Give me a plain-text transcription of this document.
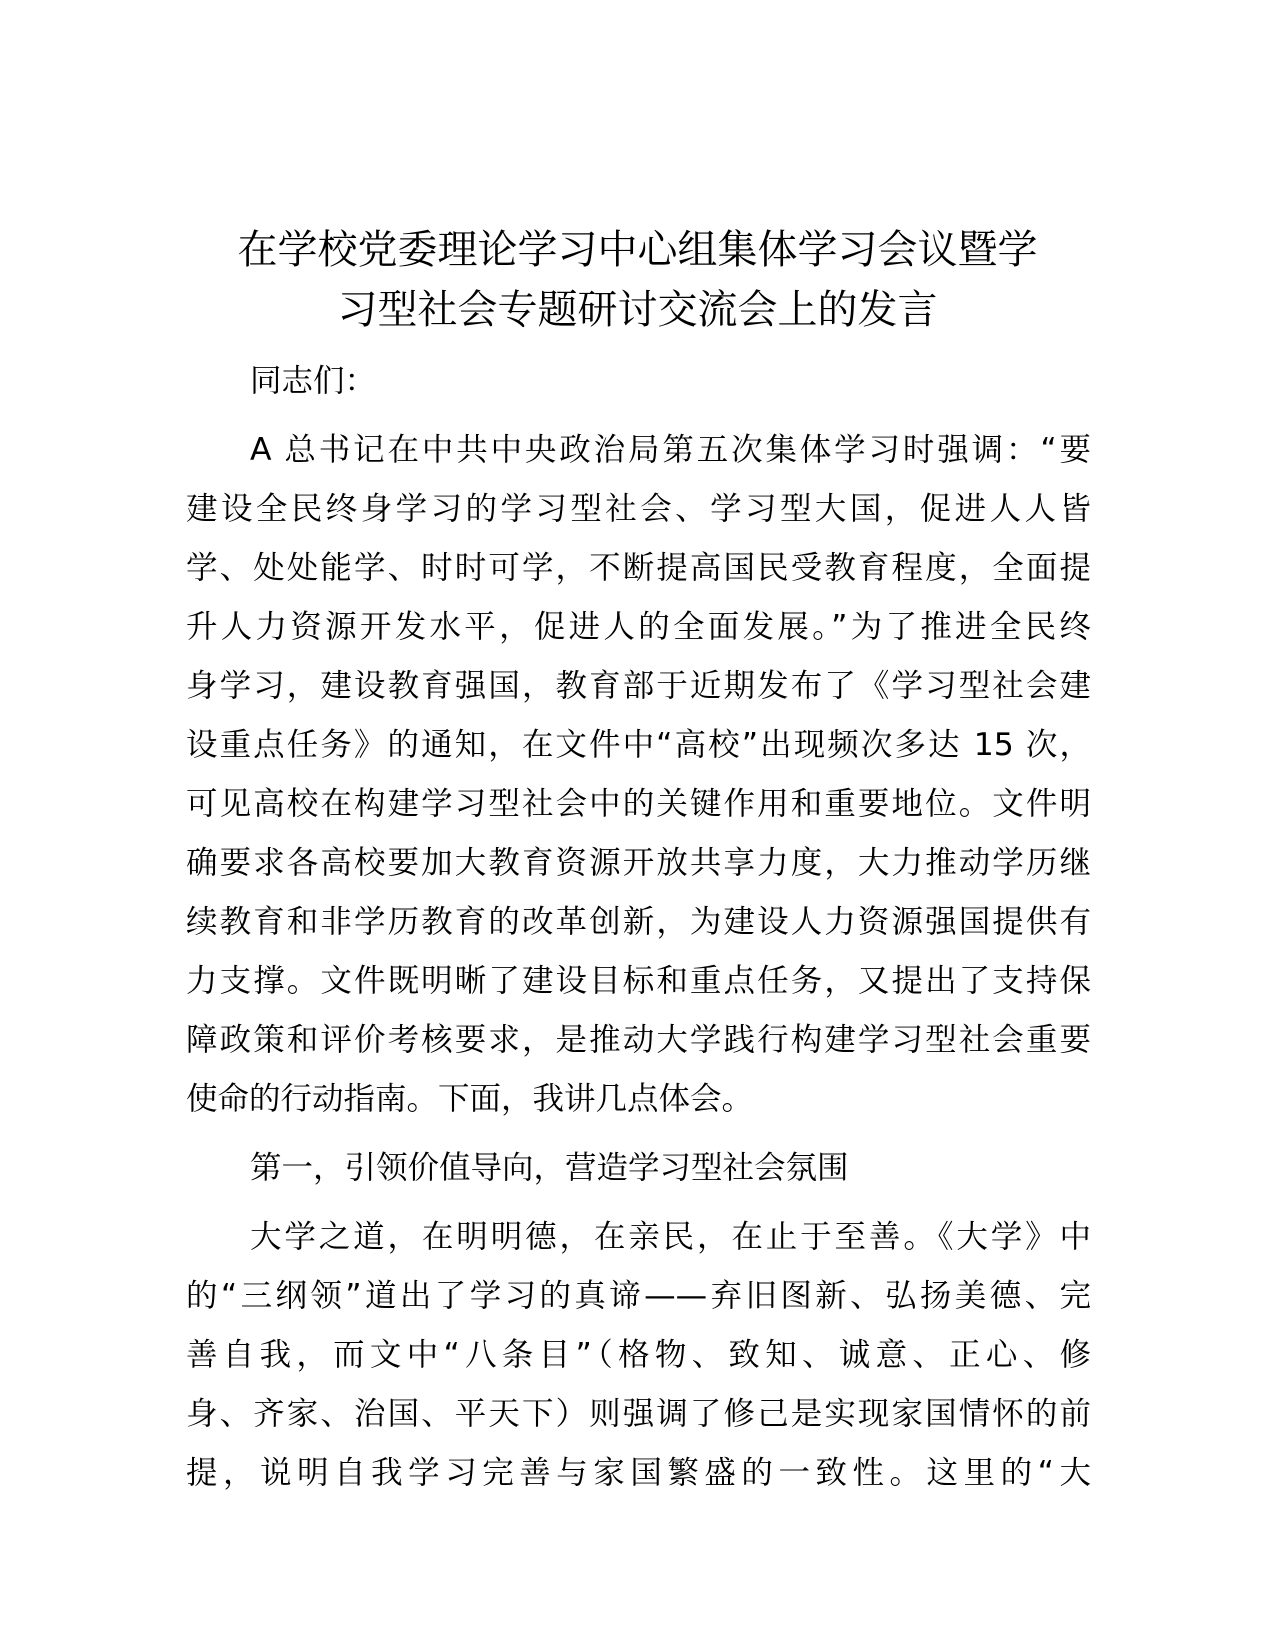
在学校党委理论学习中心组集体学习会议暨学
习型社会专题研讨交流会上的发言
同志们：
A 总书记在中共中央政治局第五次集体学习时强调：“要
建设全民终身学习的学习型社会、学习型大国，促进人人皆
学、处处能学、时时可学，不断提高国民受教育程度，全面提
升人力资源开发水平，促进人的全面发展。”为了推进全民终
身学习，建设教育强国，教育部于近期发布了《学习型社会建
设重点任务》的通知，在文件中“高校”出现频次多达 15 次，
可见高校在构建学习型社会中的关键作用和重要地位。文件明
确要求各高校要加大教育资源开放共享力度，大力推动学历继
续教育和非学历教育的改革创新，为建设人力资源强国提供有
力支撑。文件既明晰了建设目标和重点任务，又提出了支持保
障政策和评价考核要求，是推动大学践行构建学习型社会重要
使命的行动指南。下面，我讲几点体会。
第一，引领价值导向，营造学习型社会氛围
大学之道，在明明德，在亲民，在止于至善。《大学》中
的“三纲领”道出了学习的真谛——弃旧图新、弘扬美德、完
善自我，而文中“八条目”（格物、致知、诚意、正心、修
身、齐家、治国、平天下）则强调了修己是实现家国情怀的前
提，说明自我学习完善与家国繁盛的一致性。这里的“大
